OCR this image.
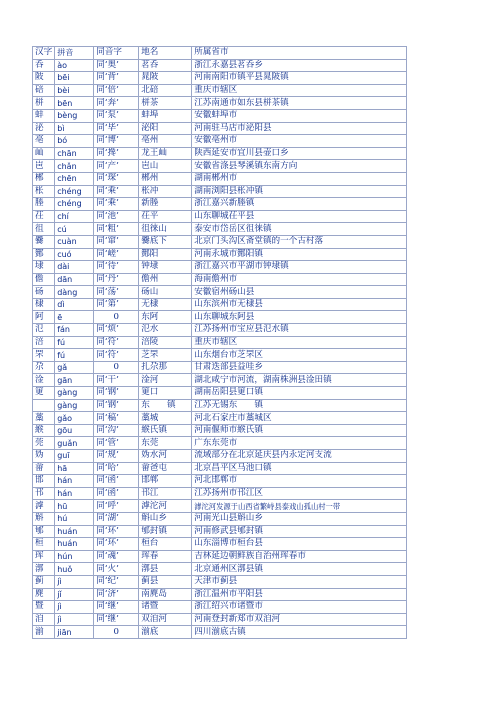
汉字	拼音	同音字	地名	所属省市
呑	ào	同‘奥’	茗呑	浙江永嘉县茗呑乡
陂	bēi	同‘背’	晁陂	河南南阳市镇平县晁陂镇
碚	bèi	同‘倍’	北碚	重庆市辖区
栟	bēn	同‘奔’	栟茶	江苏南通市如东县栟茶镇
蚌	bèng	同‘泵’	蚌埠	安徽蚌埠市
泌	bì	同‘毕’	泌阳	河南驻马店市泌阳县
亳	bó	同‘博’	亳州	安徽亳州市
屾	chān	同‘搀’	龙王屾	陕西延安市宜川县壶口乡
岜	chǎn	同‘产’	岜山	安徽省涤县琴溪镇东南方向
郴	chēn	同‘琛’	郴州	湖南郴州市
枨	chéng	同‘乘’	枨冲	湖南浏阳县枨冲镇
塍	chéng	同‘乘’	新塍	浙江嘉兴新塍镇
茌	chí	同‘池’	茌平	山东聊城茌平县
徂	cú	同‘粗’	徂徕山	泰安市岱岳区徂徕镇
爨	cuàn	同‘窜’	爨底下	北京门头沟区斋堂镇的一个古村落
酂	cuó	同‘嵯’	酂阳	河南永城市酂阳镇
埭	dài	同‘待’	钟埭	浙江嘉兴市平湖市钟埭镇
儋	dān	同‘丹’	儋州	海南儋州市
砀	dàng	同‘荡’	砀山	安徽宿州砀山县
棣	dì	同‘第’	无棣	山东滨州市无棣县
阿	ē	0	东阿	山东聊城东阿县
氾	fán	同‘烦’	氾水	江苏扬州市宝应县氾水镇
涪	fú	同‘符’	涪陵	重庆市辖区
罘	fú	同‘符’	芝罘	山东烟台市芝罘区
尕	gǎ	0	扎尕那	甘肃迭部县益哇乡
淦	gān	同‘干’	淦河	湖北咸宁市河流，湖南株洲县淦田镇
筻	gàng	同‘钢’	筻口	湖南岳阳县筻口镇
	gàng	同‘钢’	东　　镇	江苏无锡东　　镇
藁	gǎo	同‘稿’	藁城	河北石家庄市藁城区
緱	gōu	同‘沟’	緱氏镇	河南偃师市緱氏镇
莞	guǎn	同‘管’	东莞	广东东莞市
妫	guī	同‘规’	妫水河	流域部分在北京延庆县内永定河支流
畲	hā	同‘哈’	畲爸屯	北京昌平区马池口镇
邯	hán	同‘函’	邯郸	河北邯郸市
邗	hán	同‘函’	邗江	江苏扬州市邗江区
滹	hū	同‘呼’	滹沱河	滹沱河发源于山西省繁峙县泰戏山孤山村一带
斛	hú	同‘湖’	斛山乡	河南光山县斛山乡
郇	huán	同‘环’	郇封镇	河南修武县郇封镇
桓	huán	同‘环’	桓台	山东淄博市桓台县
珲	hún	同‘魂’	珲春	吉林延边朝鲜族自治州珲春市
漷	huǒ	同‘火’	漷县	北京通州区漷县镇
蓟	jì	同‘纪’	蓟县	天津市蓟县
麂	jǐ	同‘济’	南麂岛	浙江温州市平阳县
暨	jì	同‘继’	诸暨	浙江绍兴市诸暨市
洎	jì	同‘继’	双洎河	河南登封新郑市双洎河
湔	jiān	0	湔底	四川湔底古镇
